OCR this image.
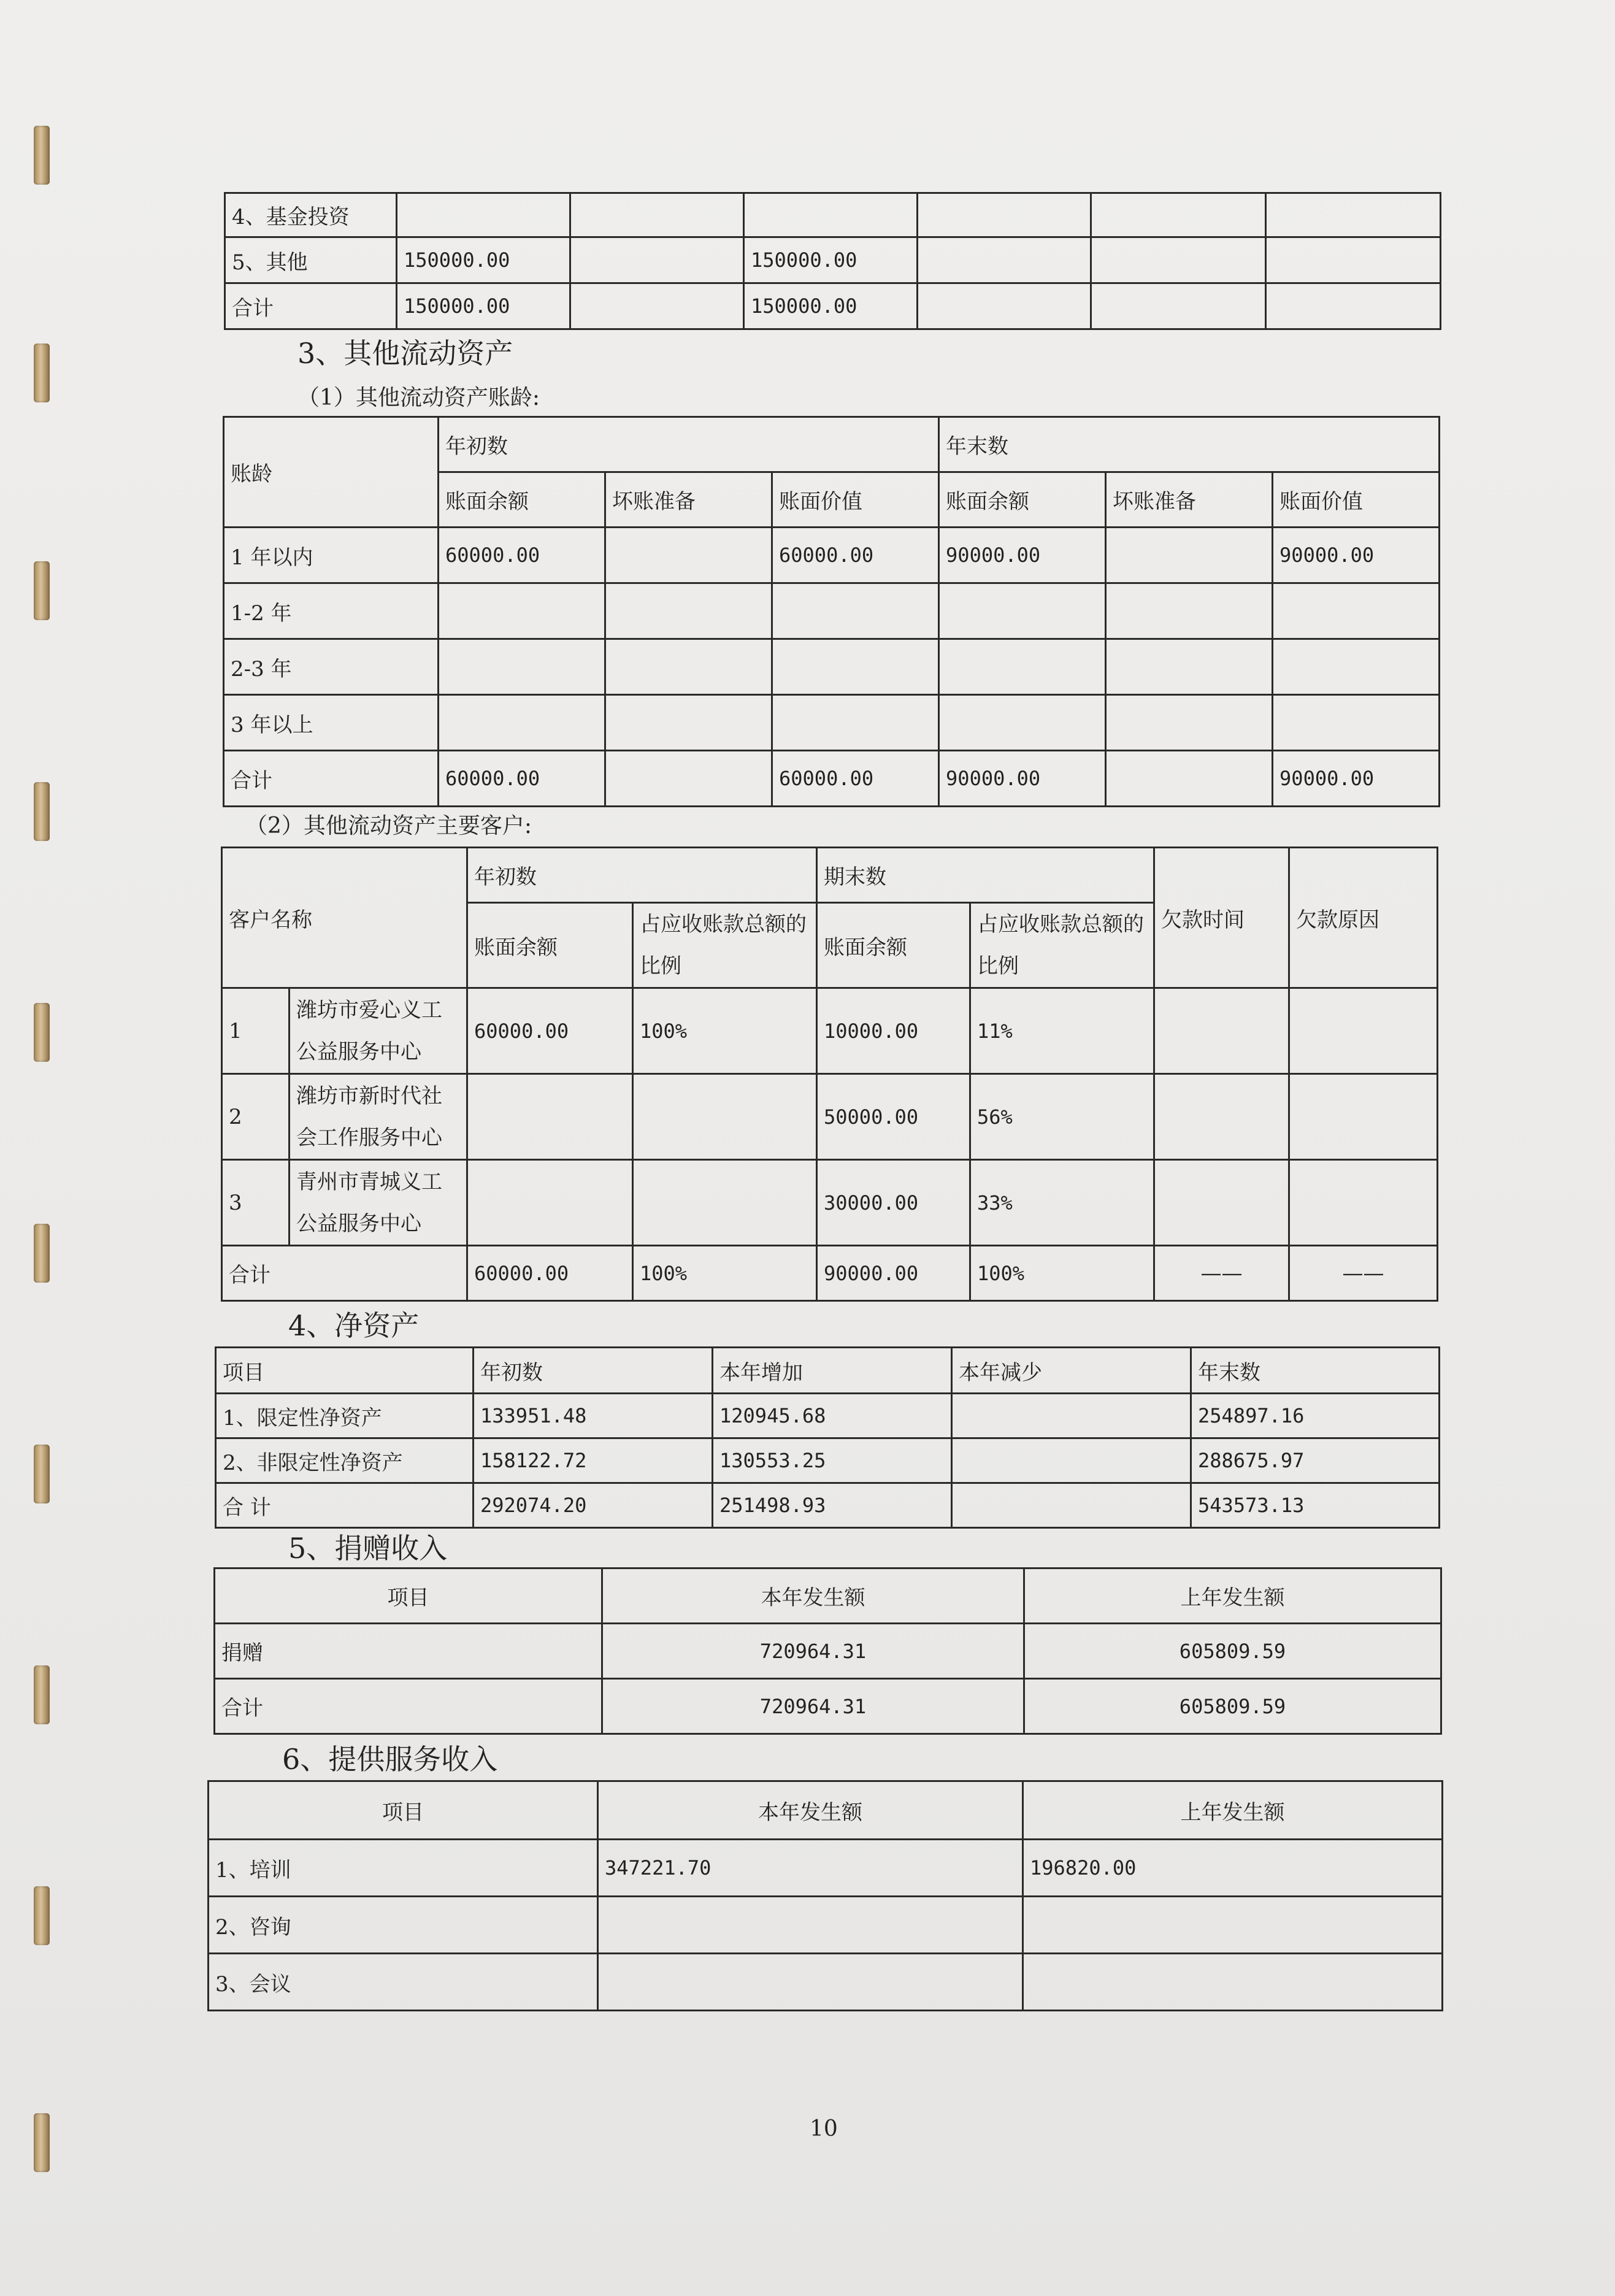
4、基金投资						
5、其他	150000.00		150000.00			
合计	150000.00		150000.00			
3、其他流动资产
（1）其他流动资产账龄:
账龄	年初数			年末数		
	账面余额	坏账准备	账面价值	账面余额	坏账准备	账面价值
1 年以内	60000.00		60000.00	90000.00		90000.00
1-2 年						
2-3 年						
3 年以上						
合计	60000.00		60000.00	90000.00		90000.00
（2）其他流动资产主要客户:
客户名称		年初数		期末数		欠款时间	欠款原因
		账面余额	占应收账款总额的比例	账面余额	占应收账款总额的比例		
1	潍坊市爱心义工公益服务中心	60000.00	100%	10000.00	11%		
2	潍坊市新时代社会工作服务中心			50000.00	56%		
3	青州市青城义工公益服务中心			30000.00	33%		
合计		60000.00	100%	90000.00	100%	——	——
4、净资产
项目	年初数	本年增加	本年减少	年末数
1、限定性净资产	133951.48	120945.68		254897.16
2、非限定性净资产	158122.72	130553.25		288675.97
合 计	292074.20	251498.93		543573.13
5、捐赠收入
项目	本年发生额	上年发生额
捐赠	720964.31	605809.59
合计	720964.31	605809.59
6、提供服务收入
项目	本年发生额	上年发生额
1、培训	347221.70	196820.00
2、咨询		
3、会议		
10
